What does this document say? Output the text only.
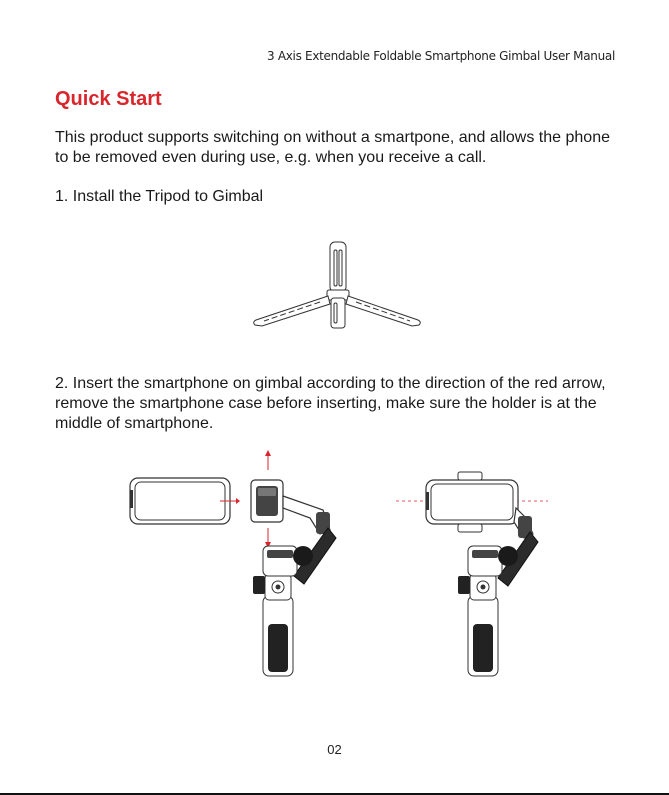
3 Axis Extendable Foldable Smartphone Gimbal User Manual
Quick Start

This product supports switching on without a smartpone, and allows the phone to be removed even during use, e.g. when you receive a call.

1. Install the Tripod to Gimbal

2. Insert the smartphone on gimbal according to the direction of the red arrow, remove the smartphone case before inserting, make sure the holder is at the middle of smartphone.

02
